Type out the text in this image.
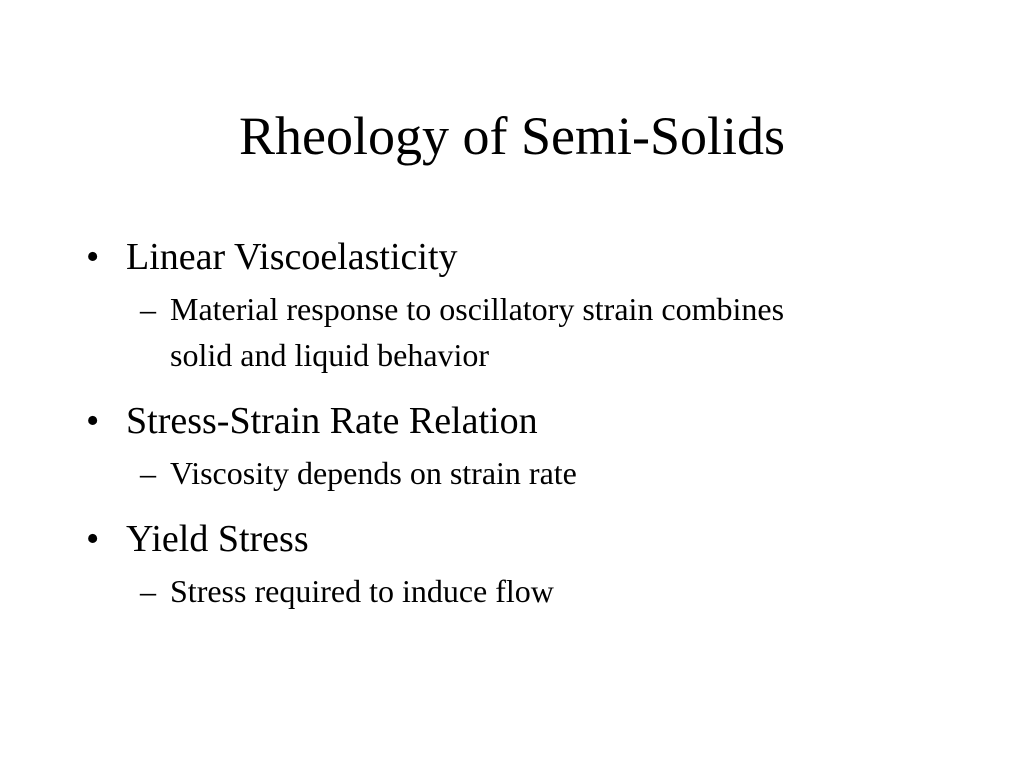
Rheology of Semi-Solids
• Linear Viscoelasticity
– Material response to oscillatory strain combines solid and liquid behavior
• Stress-Strain Rate Relation
– Viscosity depends on strain rate
• Yield Stress
– Stress required to induce flow
